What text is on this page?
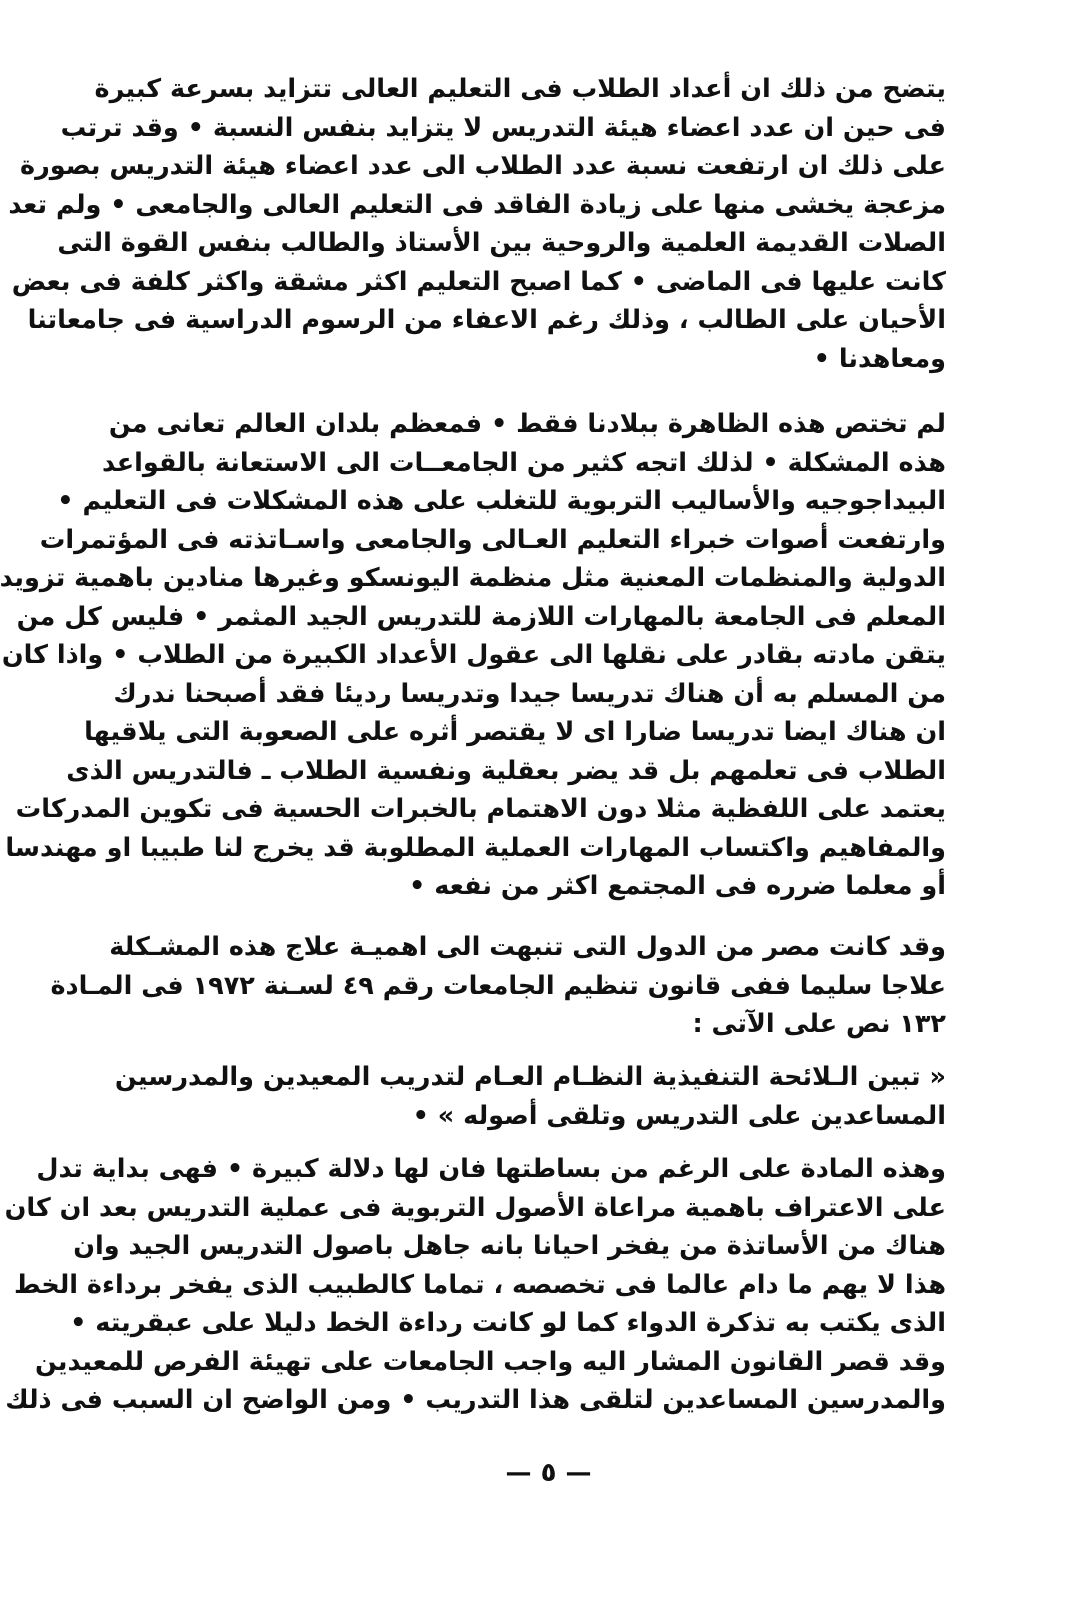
يتضح من ذلك ان أعداد الطلاب فى التعليم العالى تتزايد بسرعة كبيرة
فى حين ان عدد اعضاء هيئة التدريس لا يتزايد بنفس النسبة • وقد ترتب
على ذلك ان ارتفعت نسبة عدد الطلاب الى عدد اعضاء هيئة التدريس بصورة
مزعجة يخشى منها على زيادة الفاقد فى التعليم العالى والجامعى • ولم تعد
الصلات القديمة العلمية والروحية بين الأستاذ والطالب بنفس القوة التى
كانت عليها فى الماضى • كما اصبح التعليم اكثر مشقة واكثر كلفة فى بعض
الأحيان على الطالب ، وذلك رغم الاعفاء من الرسوم الدراسية فى جامعاتنا
ومعاهدنا •
لم تختص هذه الظاهرة ببلادنا فقط • فمعظم بلدان العالم تعانى من
هذه المشكلة • لذلك اتجه كثير من الجامعــات الى الاستعانة بالقواعد
البيداجوجيه والأساليب التربوية للتغلب على هذه المشكلات فى التعليم •
وارتفعت أصوات خبراء التعليم العـالى والجامعى واسـاتذته فى المؤتمرات
الدولية والمنظمات المعنية مثل منظمة اليونسكو وغيرها منادين باهمية تزويد
المعلم فى الجامعة بالمهارات اللازمة للتدريس الجيد المثمر • فليس كل من
يتقن مادته بقادر على نقلها الى عقول الأعداد الكبيرة من الطلاب • واذا كان
من المسلم به أن هناك تدريسا جيدا وتدريسا رديئا فقد أصبحنا ندرك
ان هناك ايضا تدريسا ضارا اى لا يقتصر أثره على الصعوبة التى يلاقيها
الطلاب فى تعلمهم بل قد يضر بعقلية ونفسية الطلاب ـ فالتدريس الذى
يعتمد على اللفظية مثلا دون الاهتمام بالخبرات الحسية فى تكوين المدركات
والمفاهيم واكتساب المهارات العملية المطلوبة قد يخرج لنا طبيبا او مهندسا
أو معلما ضرره فى المجتمع اكثر من نفعه •
وقد كانت مصر من الدول التى تنبهت الى اهميـة علاج هذه المشـكلة
علاجا سليما ففى قانون تنظيم الجامعات رقم ٤٩ لسـنة ١٩٧٢ فى المـادة
١٣٢ نص على الآتى :
« تبين الـلائحة التنفيذية النظـام العـام لتدريب المعيدين والمدرسين
المساعدين على التدريس وتلقى أصوله » •
وهذه المادة على الرغم من بساطتها فان لها دلالة كبيرة • فهى بداية تدل
على الاعتراف باهمية مراعاة الأصول التربوية فى عملية التدريس بعد ان كان
هناك من الأساتذة من يفخر احيانا بانه جاهل باصول التدريس الجيد وان
هذا لا يهم ما دام عالما فى تخصصه ، تماما كالطبيب الذى يفخر برداءة الخط
الذى يكتب به تذكرة الدواء كما لو كانت رداءة الخط دليلا على عبقريته •
وقد قصر القانون المشار اليه واجب الجامعات على تهيئة الفرص للمعيدين
والمدرسين المساعدين لتلقى هذا التدريب • ومن الواضح ان السبب فى ذلك
— ٥ —
